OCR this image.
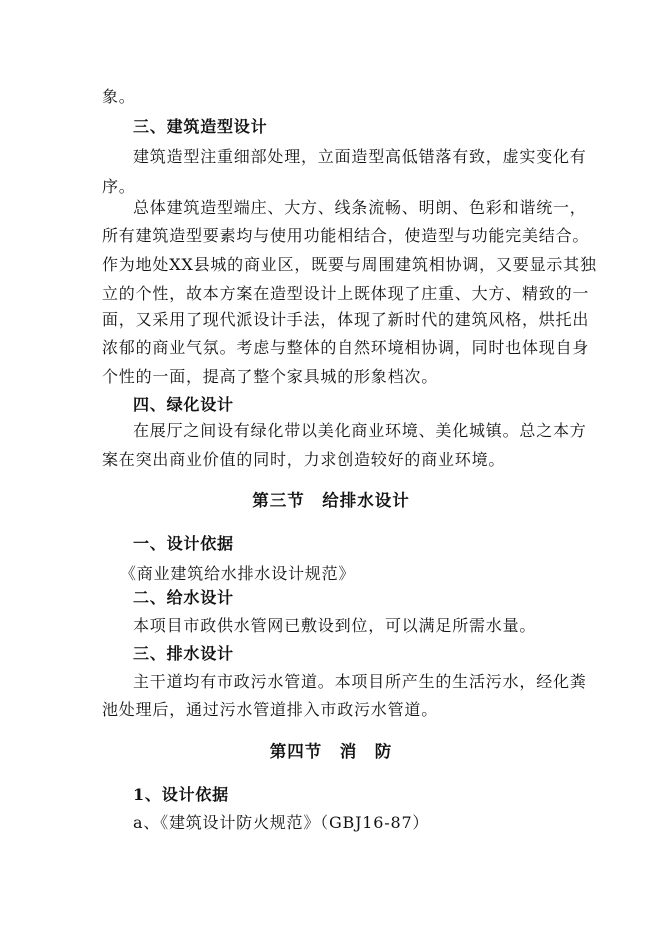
象。
三、建筑造型设计
建筑造型注重细部处理，立面造型高低错落有致，虚实变化有
序。
总体建筑造型端庄、大方、线条流畅、明朗、色彩和谐统一，
所有建筑造型要素均与使用功能相结合，使造型与功能完美结合。
作为地处XX县城的商业区，既要与周围建筑相协调，又要显示其独
立的个性，故本方案在造型设计上既体现了庄重、大方、精致的一
面，又采用了现代派设计手法，体现了新时代的建筑风格，烘托出
浓郁的商业气氛。考虑与整体的自然环境相协调，同时也体现自身
个性的一面，提高了整个家具城的形象档次。
四、绿化设计
在展厅之间设有绿化带以美化商业环境、美化城镇。总之本方
案在突出商业价值的同时，力求创造较好的商业环境。
第三节　给排水设计
一、设计依据
《商业建筑给水排水设计规范》
二、给水设计
本项目市政供水管网已敷设到位，可以满足所需水量。
三、排水设计
主干道均有市政污水管道。本项目所产生的生活污水，经化粪
池处理后，通过污水管道排入市政污水管道。
第四节　消　防
1、设计依据
a、《建筑设计防火规范》（GBJ16-87）
